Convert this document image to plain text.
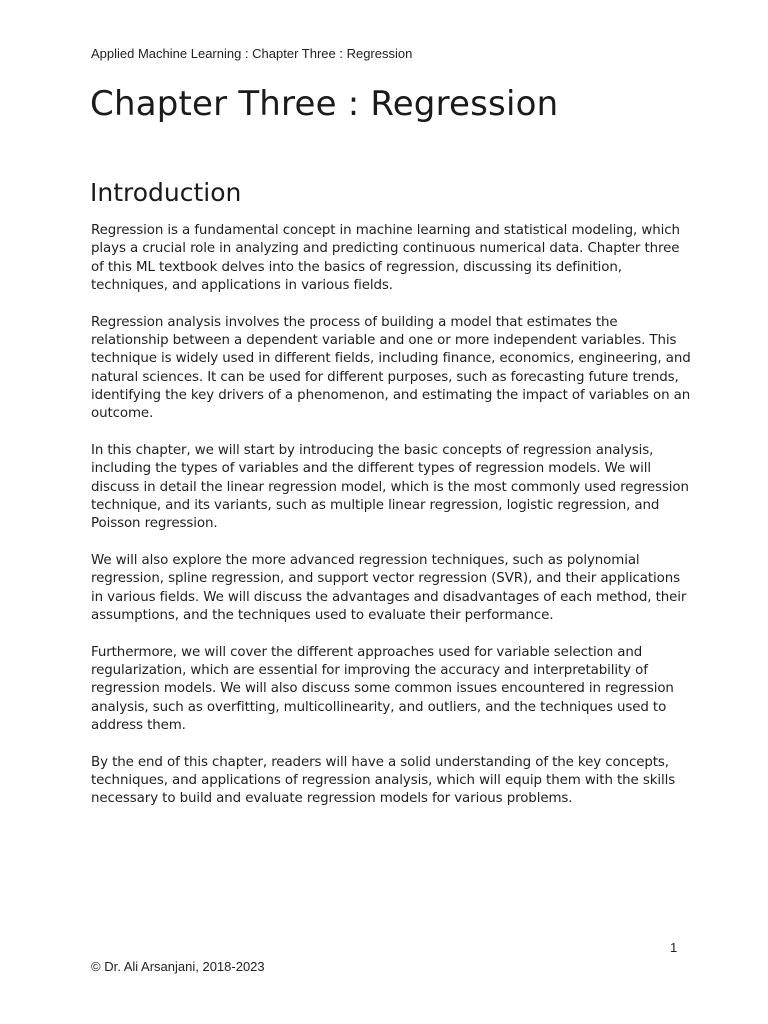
Applied Machine Learning : Chapter Three : Regression
Chapter Three : Regression
Introduction

Regression is a fundamental concept in machine learning and statistical modeling, which plays a crucial role in analyzing and predicting continuous numerical data. Chapter three of this ML textbook delves into the basics of regression, discussing its definition, techniques, and applications in various fields.

Regression analysis involves the process of building a model that estimates the relationship between a dependent variable and one or more independent variables. This technique is widely used in different fields, including finance, economics, engineering, and natural sciences. It can be used for different purposes, such as forecasting future trends, identifying the key drivers of a phenomenon, and estimating the impact of variables on an outcome.

In this chapter, we will start by introducing the basic concepts of regression analysis, including the types of variables and the different types of regression models. We will discuss in detail the linear regression model, which is the most commonly used regression technique, and its variants, such as multiple linear regression, logistic regression, and Poisson regression.

We will also explore the more advanced regression techniques, such as polynomial regression, spline regression, and support vector regression (SVR), and their applications in various fields. We will discuss the advantages and disadvantages of each method, their assumptions, and the techniques used to evaluate their performance.

Furthermore, we will cover the different approaches used for variable selection and regularization, which are essential for improving the accuracy and interpretability of regression models. We will also discuss some common issues encountered in regression analysis, such as overfitting, multicollinearity, and outliers, and the techniques used to address them.

By the end of this chapter, readers will have a solid understanding of the key concepts, techniques, and applications of regression analysis, which will equip them with the skills necessary to build and evaluate regression models for various problems.

1
© Dr. Ali Arsanjani, 2018-2023
